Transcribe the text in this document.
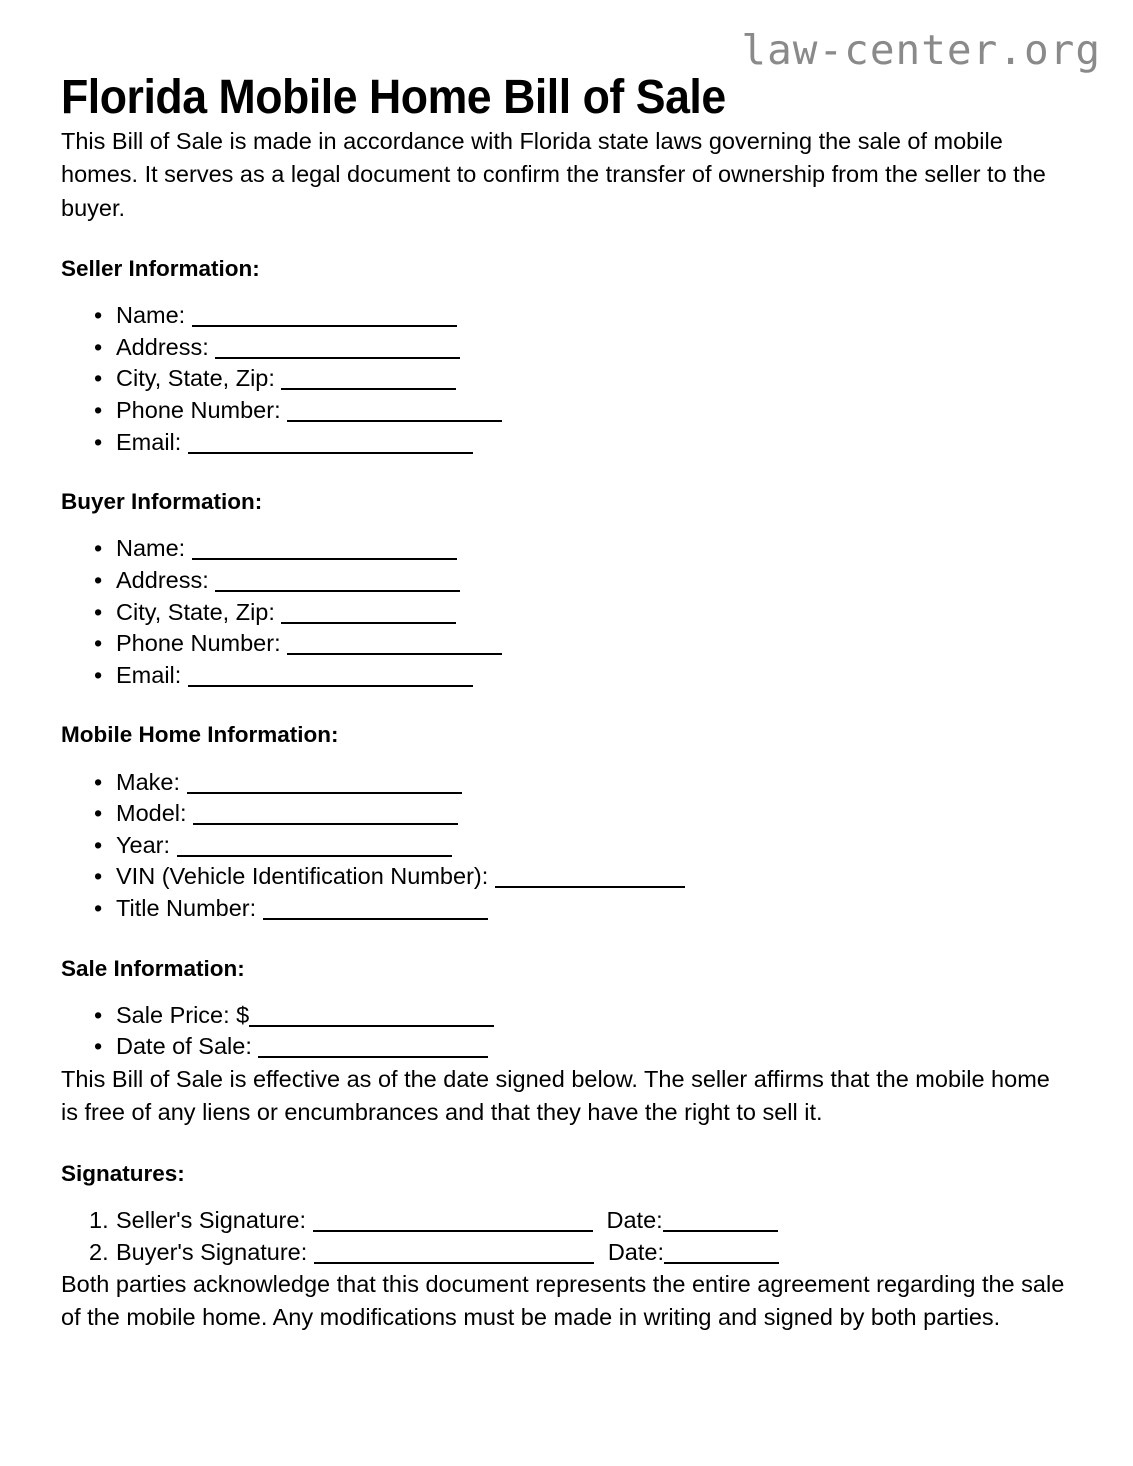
law-center.org
Florida Mobile Home Bill of Sale

This Bill of Sale is made in accordance with Florida state laws governing the sale of mobile homes. It serves as a legal document to confirm the transfer of ownership from the seller to the buyer.

Seller Information:
• Name:
• Address:
• City, State, Zip:
• Phone Number:
• Email:
Buyer Information:
• Name:
• Address:
• City, State, Zip:
• Phone Number:
• Email:
Mobile Home Information:
• Make:
• Model:
• Year:
• VIN (Vehicle Identification Number):
• Title Number:
Sale Information:
• Sale Price: $
• Date of Sale:

This Bill of Sale is effective as of the date signed below. The seller affirms that the mobile home is free of any liens or encumbrances and that they have the right to sell it.

Signatures:
1. Seller's Signature:	Date:
2. Buyer's Signature:	Date:

Both parties acknowledge that this document represents the entire agreement regarding the sale of the mobile home. Any modifications must be made in writing and signed by both parties.
